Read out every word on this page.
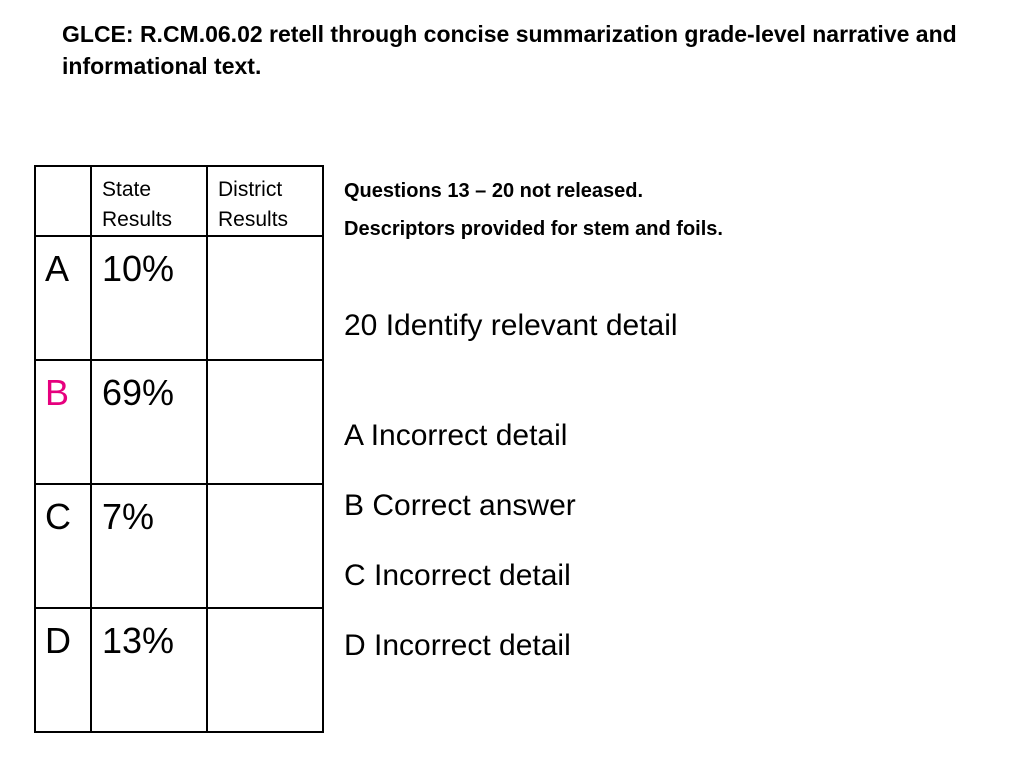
GLCE: R.CM.06.02 retell through concise summarization grade-level narrative and informational text.
	State Results	District Results
A	10%	
B	69%	
C	7%	
D	13%	

Questions 13 – 20 not released.

Descriptors provided for stem and foils.

20 Identify relevant detail

A Incorrect detail
B Correct answer
C Incorrect detail
D Incorrect detail
